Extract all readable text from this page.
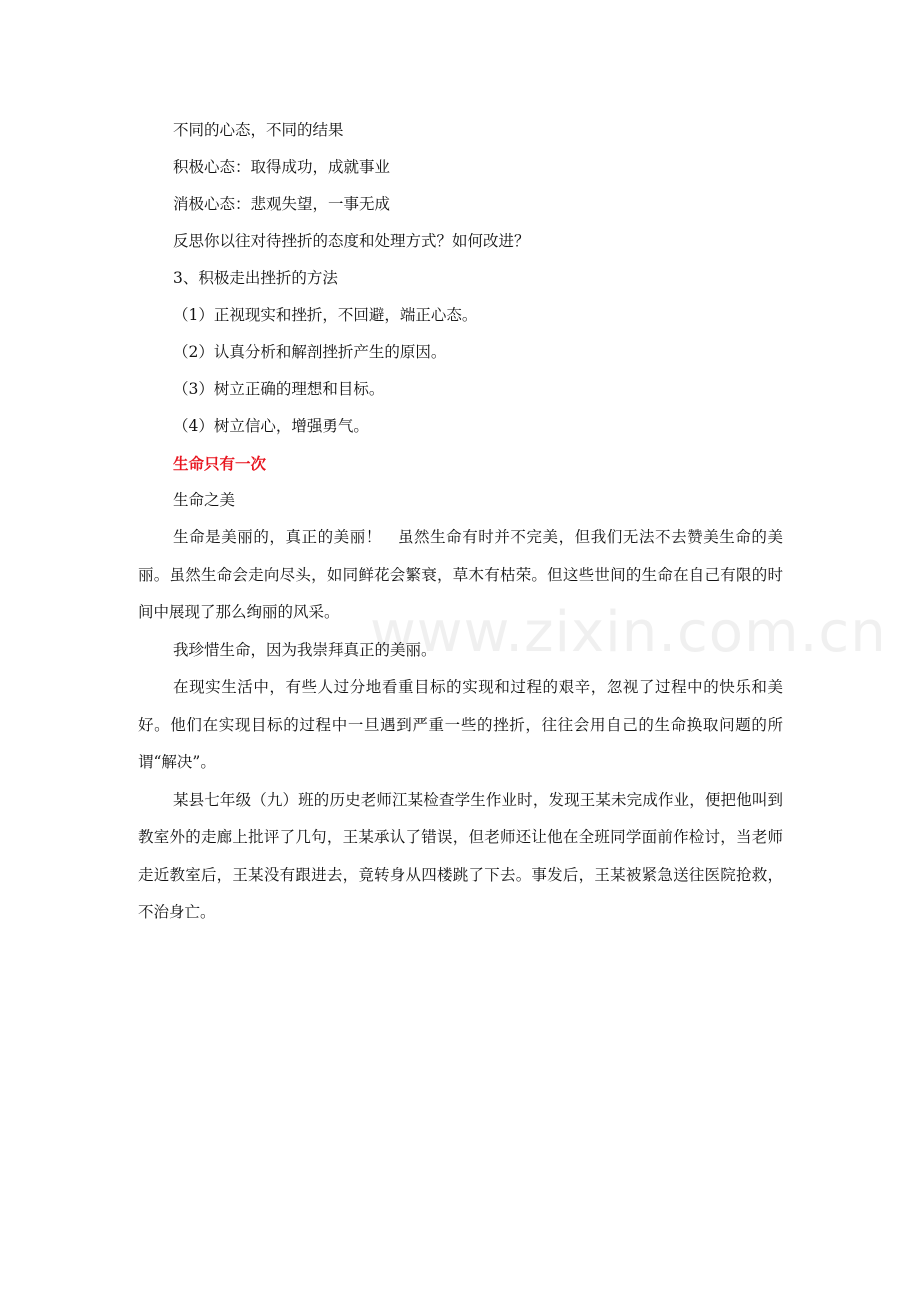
www.zixin.com.cn

不同的心态，不同的结果

积极心态：取得成功，成就事业

消极心态：悲观失望，一事无成

反思你以往对待挫折的态度和处理方式？如何改进？

3、积极走出挫折的方法

（1）正视现实和挫折，不回避，端正心态。

（2）认真分析和解剖挫折产生的原因。

（3）树立正确的理想和目标。

（4）树立信心，增强勇气。

生命只有一次

生命之美

生命是美丽的，真正的美丽！　虽然生命有时并不完美，但我们无法不去赞美生命的美丽。虽然生命会走向尽头，如同鲜花会繁衰，草木有枯荣。但这些世间的生命在自己有限的时间中展现了那么绚丽的风采。

我珍惜生命，因为我崇拜真正的美丽。

在现实生活中，有些人过分地看重目标的实现和过程的艰辛，忽视了过程中的快乐和美好。他们在实现目标的过程中一旦遇到严重一些的挫折，往往会用自己的生命换取问题的所谓“解决”。

某县七年级（九）班的历史老师江某检查学生作业时，发现王某未完成作业，便把他叫到教室外的走廊上批评了几句，王某承认了错误，但老师还让他在全班同学面前作检讨，当老师走近教室后，王某没有跟进去，竟转身从四楼跳了下去。事发后，王某被紧急送往医院抢救，不治身亡。
